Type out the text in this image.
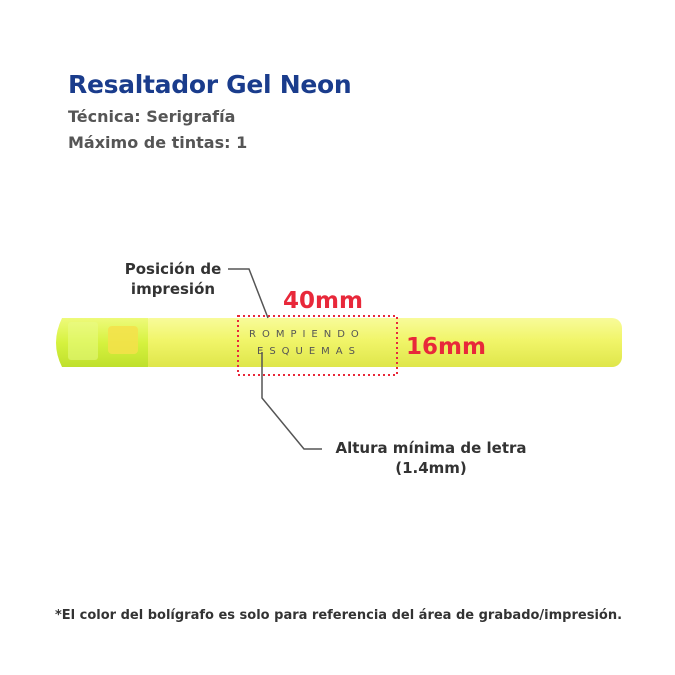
Resaltador Gel Neon
Técnica: Serigrafía
Máximo de tintas: 1
ROMPIENDO
ESQUEMAS
40mm
16mm
Posición de
impresión
Altura mínima de letra
(1.4mm)
*El color del bolígrafo es solo para referencia del área de grabado/impresión.
